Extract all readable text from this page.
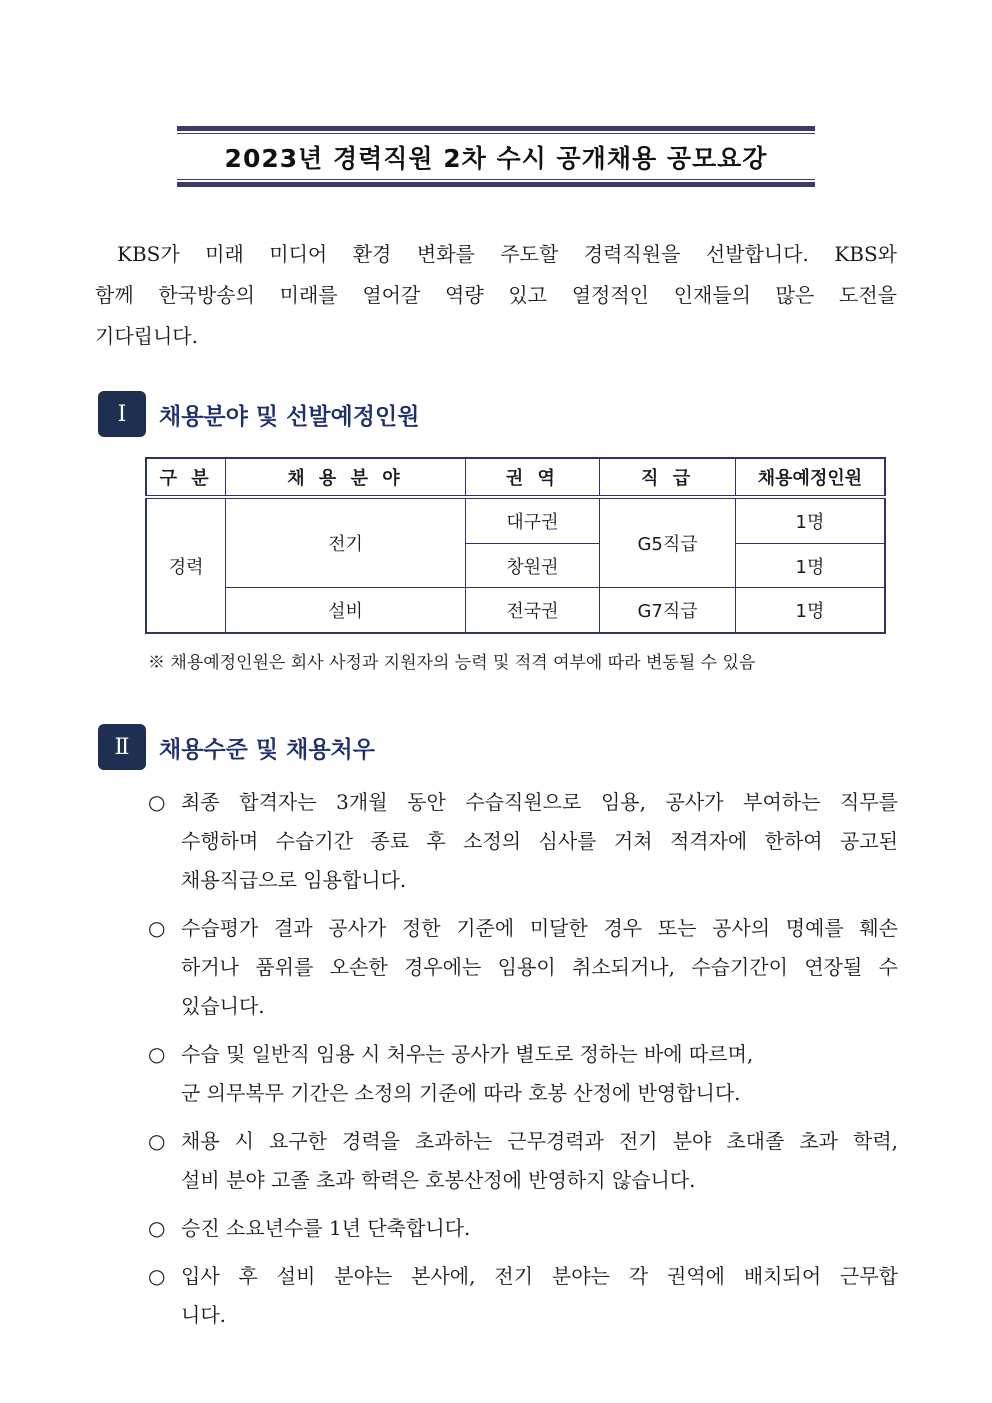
2023년 경력직원 2차 수시 공개채용 공모요강
KBS가 미래 미디어 환경 변화를 주도할 경력직원을 선발합니다. KBS와
함께 한국방송의 미래를 열어갈 역량 있고 열정적인 인재들의 많은 도전을
기다립니다.
Ⅰ	채용분야 및 선발예정인원
구 분	채 용 분 야	권 역	직 급	채용예정인원
경력	전기	대구권	G5직급	1명
		창원권		1명
	설비	전국권	G7직급	1명
※ 채용예정인원은 회사 사정과 지원자의 능력 및 적격 여부에 따라 변동될 수 있음
Ⅱ	채용수준 및 채용처우
○ 최종 합격자는 3개월 동안 수습직원으로 임용, 공사가 부여하는 직무를
수행하며 수습기간 종료 후 소정의 심사를 거쳐 적격자에 한하여 공고된
채용직급으로 임용합니다.
○ 수습평가 결과 공사가 정한 기준에 미달한 경우 또는 공사의 명예를 훼손
하거나 품위를 오손한 경우에는 임용이 취소되거나, 수습기간이 연장될 수
있습니다.
○ 수습 및 일반직 임용 시 처우는 공사가 별도로 정하는 바에 따르며,
군 의무복무 기간은 소정의 기준에 따라 호봉 산정에 반영합니다.
○ 채용 시 요구한 경력을 초과하는 근무경력과 전기 분야 초대졸 초과 학력,
설비 분야 고졸 초과 학력은 호봉산정에 반영하지 않습니다.
○ 승진 소요년수를 1년 단축합니다.
○ 입사 후 설비 분야는 본사에, 전기 분야는 각 권역에 배치되어 근무합
니다.
